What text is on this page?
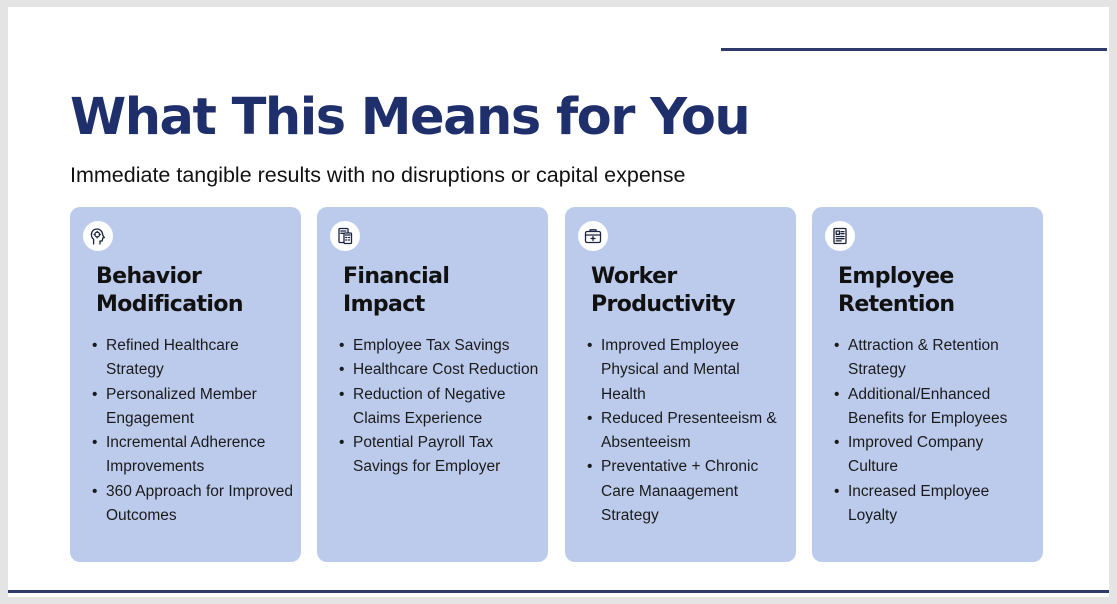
What This Means for You

Immediate tangible results with no disruptions or capital expense

Behavior
Modification
• Refined Healthcare Strategy
• Personalized Member Engagement
• Incremental Adherence Improvements
• 360 Approach for Improved Outcomes
Financial
Impact
• Employee Tax Savings
• Healthcare Cost Reduction
• Reduction of Negative Claims Experience
• Potential Payroll Tax Savings for Employer
Worker
Productivity
• Improved Employee Physical and Mental Health
• Reduced Presenteeism & Absenteeism
• Preventative + Chronic Care Manaagement Strategy
Employee
Retention
• Attraction & Retention Strategy
• Additional/Enhanced Benefits for Employees
• Improved Company Culture
• Increased Employee Loyalty
